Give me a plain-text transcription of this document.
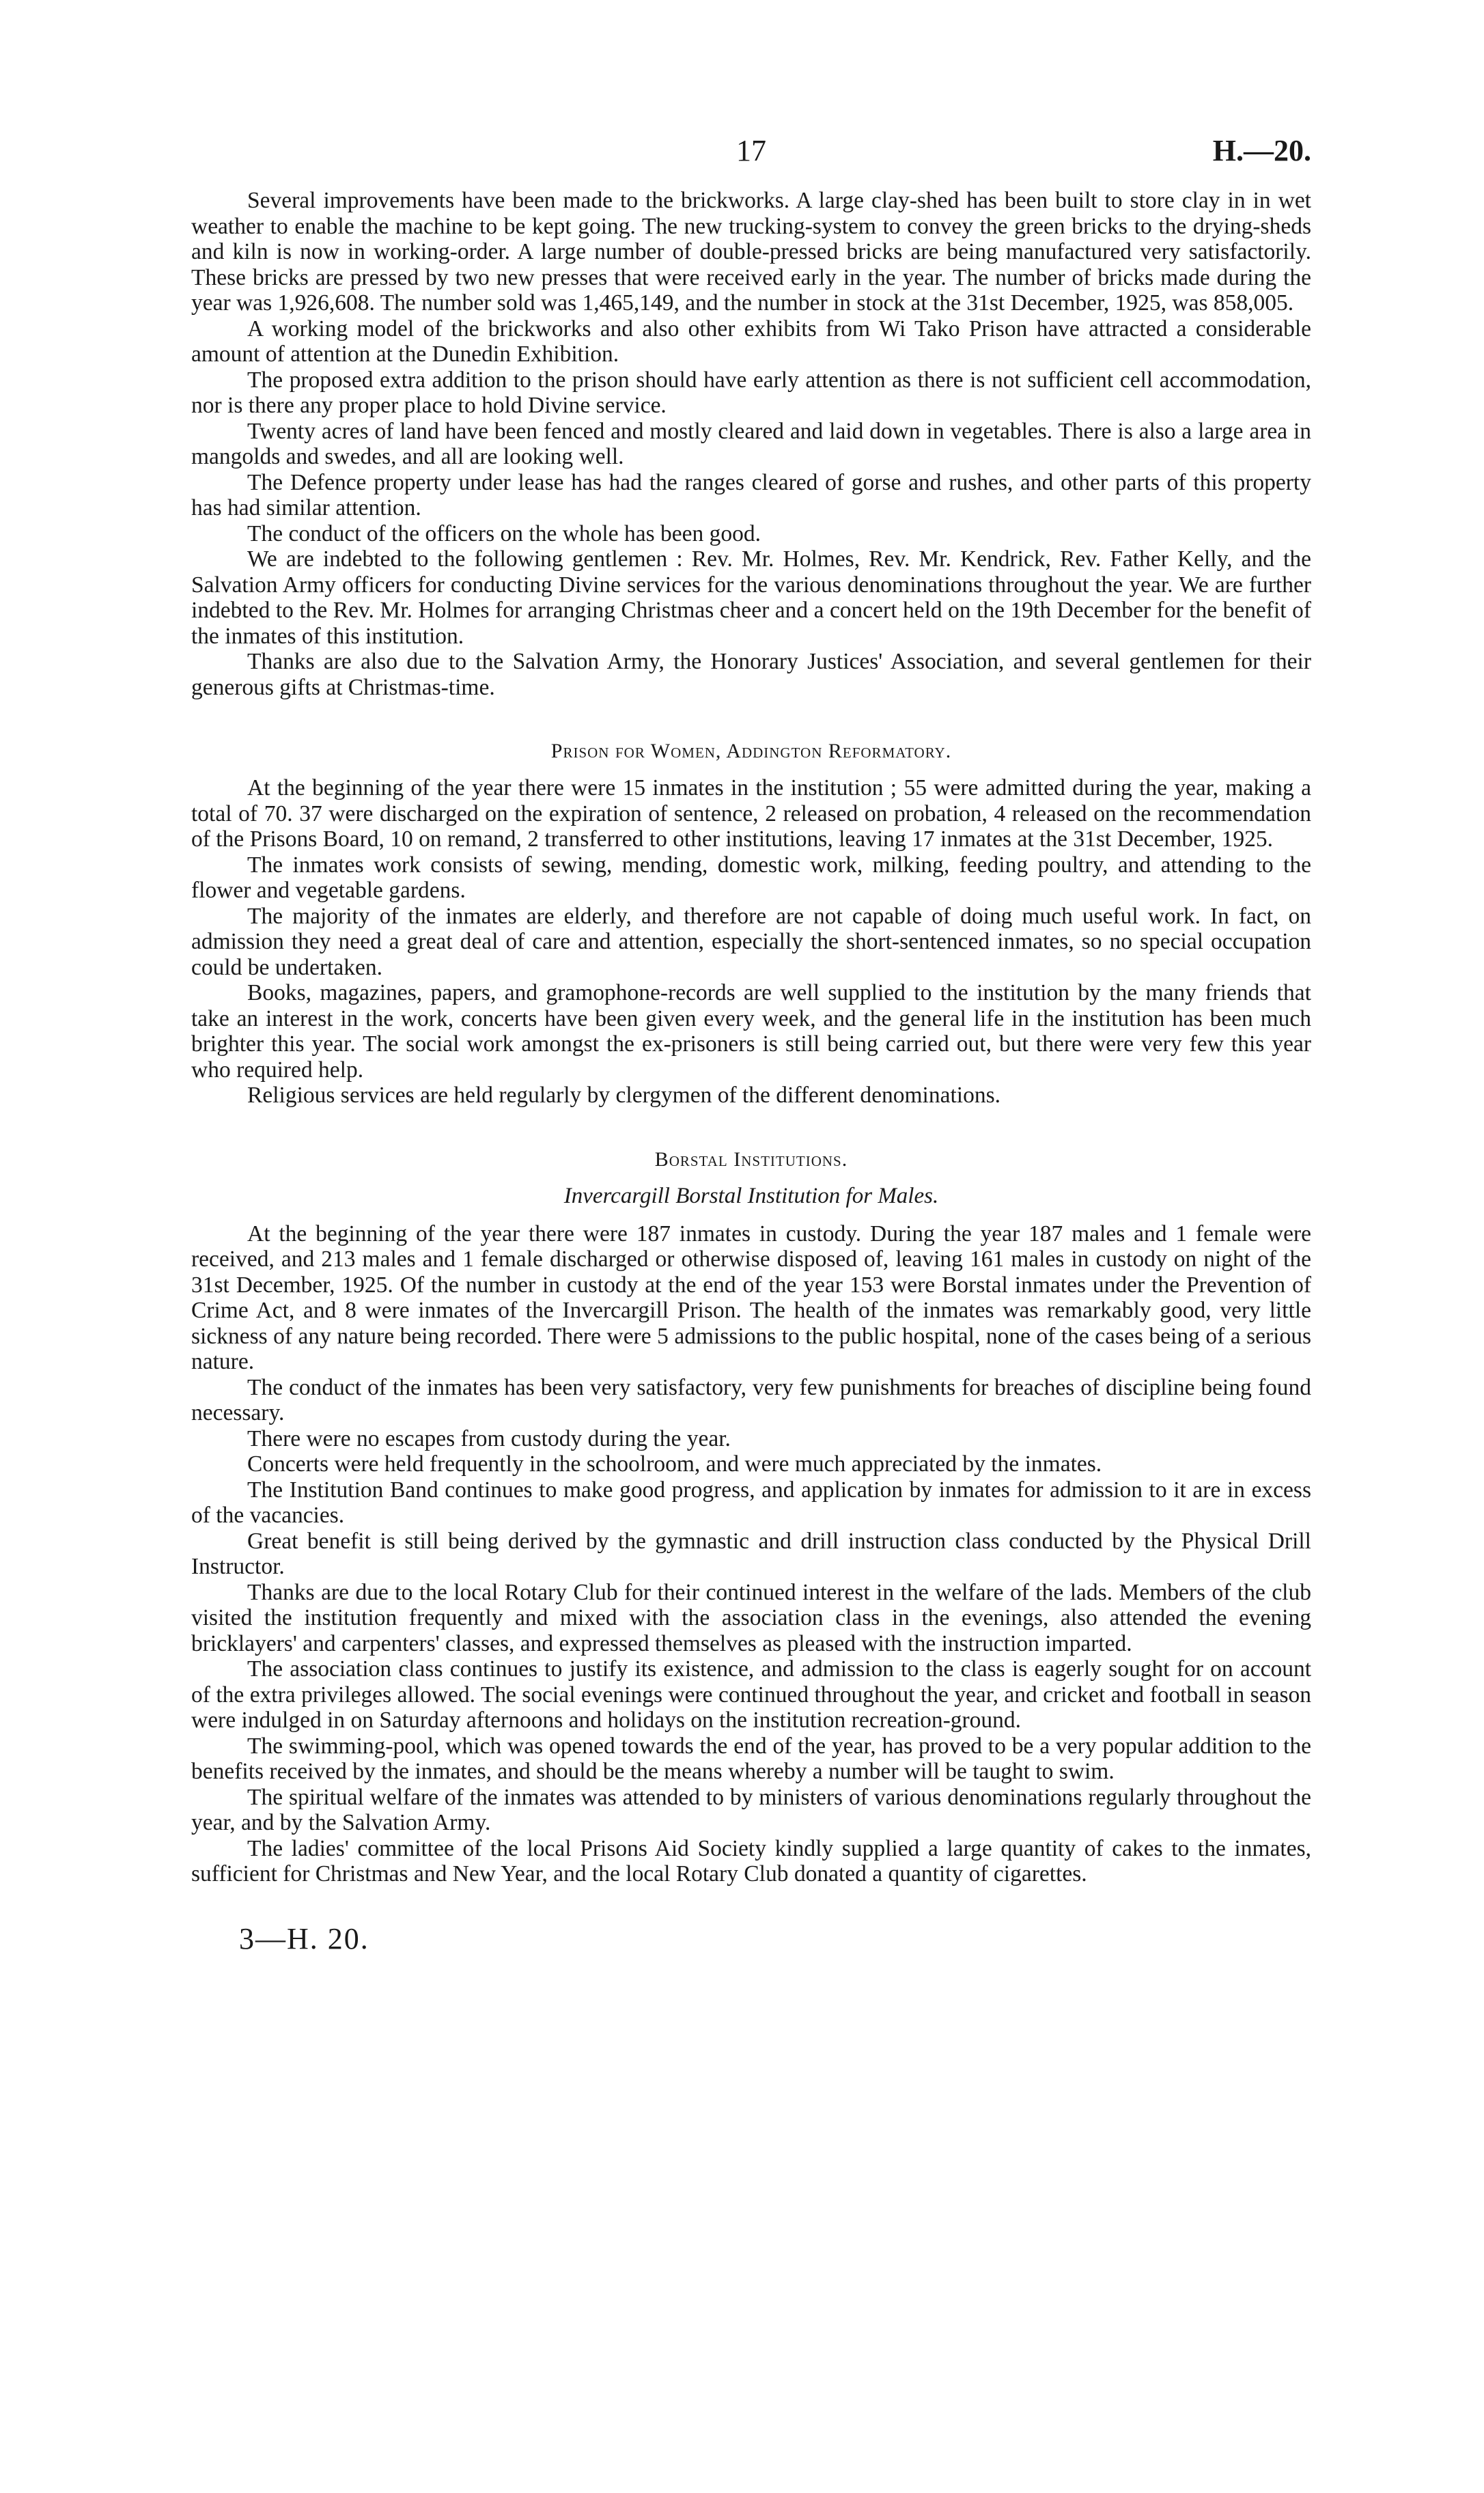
17	H.—20.

Several improvements have been made to the brickworks. A large clay-shed has been built to store clay in in wet weather to enable the machine to be kept going. The new trucking-system to convey the green bricks to the drying-sheds and kiln is now in working-order. A large number of double-pressed bricks are being manufactured very satisfactorily. These bricks are pressed by two new presses that were received early in the year. The number of bricks made during the year was 1,926,608. The number sold was 1,465,149, and the number in stock at the 31st December, 1925, was 858,005.

A working model of the brickworks and also other exhibits from Wi Tako Prison have attracted a considerable amount of attention at the Dunedin Exhibition.

The proposed extra addition to the prison should have early attention as there is not sufficient cell accommodation, nor is there any proper place to hold Divine service.

Twenty acres of land have been fenced and mostly cleared and laid down in vegetables. There is also a large area in mangolds and swedes, and all are looking well.

The Defence property under lease has had the ranges cleared of gorse and rushes, and other parts of this property has had similar attention.

The conduct of the officers on the whole has been good.

We are indebted to the following gentlemen : Rev. Mr. Holmes, Rev. Mr. Kendrick, Rev. Father Kelly, and the Salvation Army officers for conducting Divine services for the various denominations throughout the year. We are further indebted to the Rev. Mr. Holmes for arranging Christmas cheer and a concert held on the 19th December for the benefit of the inmates of this institution.

Thanks are also due to the Salvation Army, the Honorary Justices' Association, and several gentlemen for their generous gifts at Christmas-time.

Prison for Women, Addington Reformatory.

At the beginning of the year there were 15 inmates in the institution ; 55 were admitted during the year, making a total of 70. 37 were discharged on the expiration of sentence, 2 released on probation, 4 released on the recommendation of the Prisons Board, 10 on remand, 2 transferred to other institutions, leaving 17 inmates at the 31st December, 1925.

The inmates work consists of sewing, mending, domestic work, milking, feeding poultry, and attending to the flower and vegetable gardens.

The majority of the inmates are elderly, and therefore are not capable of doing much useful work. In fact, on admission they need a great deal of care and attention, especially the short-sentenced inmates, so no special occupation could be undertaken.

Books, magazines, papers, and gramophone-records are well supplied to the institution by the many friends that take an interest in the work, concerts have been given every week, and the general life in the institution has been much brighter this year. The social work amongst the ex-prisoners is still being carried out, but there were very few this year who required help.

Religious services are held regularly by clergymen of the different denominations.

Borstal Institutions.
Invercargill Borstal Institution for Males.

At the beginning of the year there were 187 inmates in custody. During the year 187 males and 1 female were received, and 213 males and 1 female discharged or otherwise disposed of, leaving 161 males in custody on night of the 31st December, 1925. Of the number in custody at the end of the year 153 were Borstal inmates under the Prevention of Crime Act, and 8 were inmates of the Invercargill Prison. The health of the inmates was remarkably good, very little sickness of any nature being recorded. There were 5 admissions to the public hospital, none of the cases being of a serious nature.

The conduct of the inmates has been very satisfactory, very few punishments for breaches of discipline being found necessary.

There were no escapes from custody during the year.

Concerts were held frequently in the schoolroom, and were much appreciated by the inmates.

The Institution Band continues to make good progress, and application by inmates for admission to it are in excess of the vacancies.

Great benefit is still being derived by the gymnastic and drill instruction class conducted by the Physical Drill Instructor.

Thanks are due to the local Rotary Club for their continued interest in the welfare of the lads. Members of the club visited the institution frequently and mixed with the association class in the evenings, also attended the evening bricklayers' and carpenters' classes, and expressed themselves as pleased with the instruction imparted.

The association class continues to justify its existence, and admission to the class is eagerly sought for on account of the extra privileges allowed. The social evenings were continued throughout the year, and cricket and football in season were indulged in on Saturday afternoons and holidays on the institution recreation-ground.

The swimming-pool, which was opened towards the end of the year, has proved to be a very popular addition to the benefits received by the inmates, and should be the means whereby a number will be taught to swim.

The spiritual welfare of the inmates was attended to by ministers of various denominations regularly throughout the year, and by the Salvation Army.

The ladies' committee of the local Prisons Aid Society kindly supplied a large quantity of cakes to the inmates, sufficient for Christmas and New Year, and the local Rotary Club donated a quantity of cigarettes.

3—H. 20.
